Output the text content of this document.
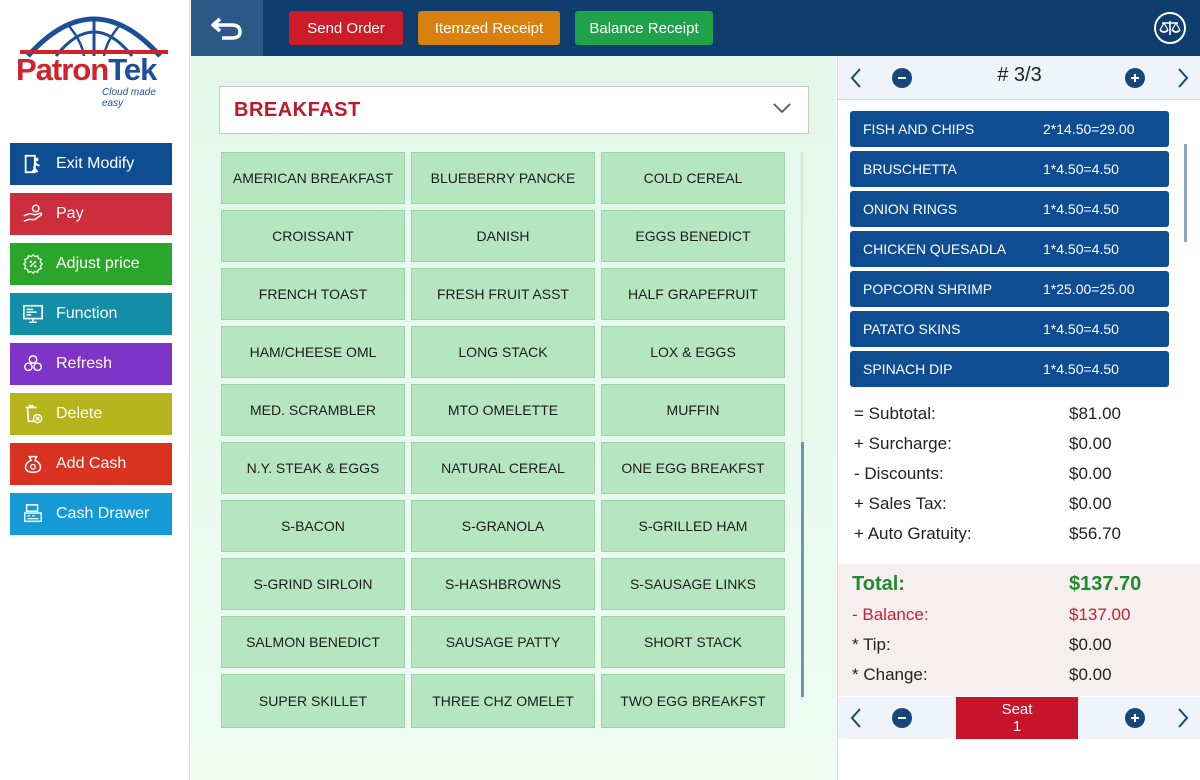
PatronTek
Cloud made easy
Exit Modify
Pay
Adjust price
Function
Refresh
Delete
Add Cash
Cash Drawer
Send Order	Itemzed Receipt	Balance Receipt
BREAKFAST
AMERICAN BREAKFAST	BLUEBERRY PANCKE	COLD CEREAL
CROISSANT	DANISH	EGGS BENEDICT
FRENCH TOAST	FRESH FRUIT ASST	HALF GRAPEFRUIT
HAM/CHEESE OML	LONG STACK	LOX & EGGS
MED. SCRAMBLER	MTO OMELETTE	MUFFIN
N.Y. STEAK & EGGS	NATURAL CEREAL	ONE EGG BREAKFST
S-BACON	S-GRANOLA	S-GRILLED HAM
S-GRIND SIRLOIN	S-HASHBROWNS	S-SAUSAGE LINKS
SALMON BENEDICT	SAUSAGE PATTY	SHORT STACK
SUPER SKILLET	THREE CHZ OMELET	TWO EGG BREAKFST
# 3/3
FISH AND CHIPS	2*14.50=29.00
BRUSCHETTA	1*4.50=4.50
ONION RINGS	1*4.50=4.50
CHICKEN QUESADLA	1*4.50=4.50
POPCORN SHRIMP	1*25.00=25.00
PATATO SKINS	1*4.50=4.50
SPINACH DIP	1*4.50=4.50
= Subtotal:	$81.00
+ Surcharge:	$0.00
- Discounts:	$0.00
+ Sales Tax:	$0.00
+ Auto Gratuity:	$56.70
Total:	$137.70
- Balance:	$137.00
* Tip:	$0.00
* Change:	$0.00
Seat
1
